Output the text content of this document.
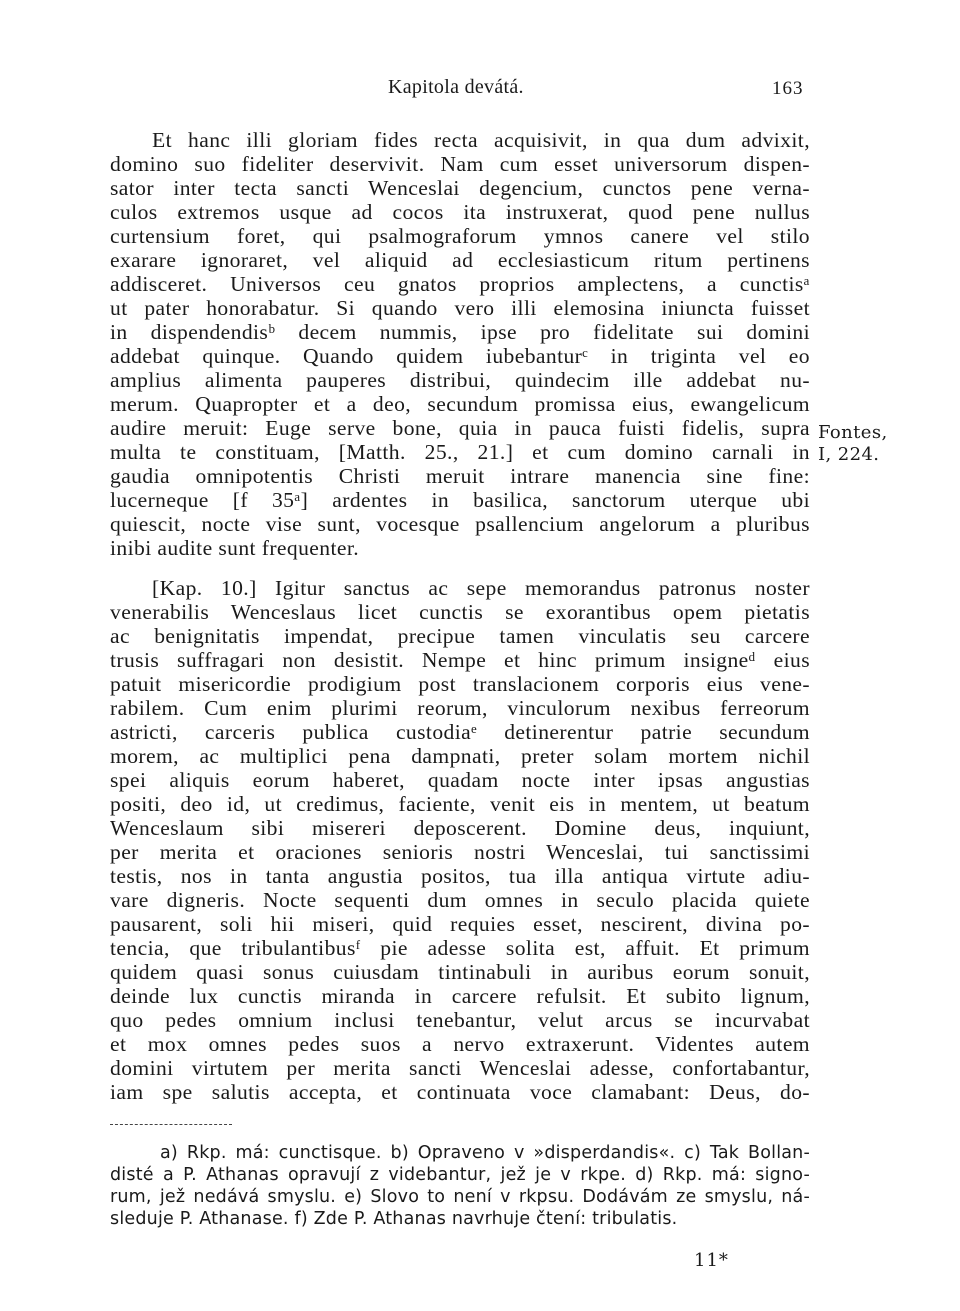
Kapitola devátá.	163
Et hanc illi gloriam fides recta acquisivit, in qua dum advixit,
domino suo fideliter deservivit. Nam cum esset universorum dispen-
sator inter tecta sancti Wenceslai degencium, cunctos pene verna-
culos extremos usque ad cocos ita instruxerat, quod pene nullus
curtensium foret, qui psalmograforum ymnos canere vel stilo
exarare ignoraret, vel aliquid ad ecclesiasticum ritum pertinens
addisceret. Universos ceu gnatos proprios amplectens, a cunctisᵃ
ut pater honorabatur. Si quando vero illi elemosina iniuncta fuisset
in dispendendisᵇ decem nummis, ipse pro fidelitate sui domini
addebat quinque. Quando quidem iubebanturᶜ in triginta vel eo
amplius alimenta pauperes distribui, quindecim ille addebat nu-
merum. Quapropter et a deo, secundum promissa eius, ewangelicum
audire meruit: Euge serve bone, quia in pauca fuisti fidelis, supra
multa te constituam, [Matth. 25., 21.] et cum domino carnali in
gaudia omnipotentis Christi meruit intrare manencia sine fine:
lucerneque [f 35ᵃ] ardentes in basilica, sanctorum uterque ubi
quiescit, nocte vise sunt, vocesque psallencium angelorum a pluribus
inibi audite sunt frequenter.
Fontes,
I, 224.
[Kap. 10.] Igitur sanctus ac sepe memorandus patronus noster
venerabilis Wenceslaus licet cunctis se exorantibus opem pietatis
ac benignitatis impendat, precipue tamen vinculatis seu carcere
trusis suffragari non desistit. Nempe et hinc primum insigneᵈ eius
patuit misericordie prodigium post translacionem corporis eius vene-
rabilem. Cum enim plurimi reorum, vinculorum nexibus ferreorum
astricti, carceris publica custodiaᵉ detinerentur patrie secundum
morem, ac multiplici pena dampnati, preter solam mortem nichil
spei aliquis eorum haberet, quadam nocte inter ipsas angustias
positi, deo id, ut credimus, faciente, venit eis in mentem, ut beatum
Wenceslaum sibi misereri deposcerent. Domine deus, inquiunt,
per merita et oraciones senioris nostri Wenceslai, tui sanctissimi
testis, nos in tanta angustia positos, tua illa antiqua virtute adiu-
vare digneris. Nocte sequenti dum omnes in seculo placida quiete
pausarent, soli hii miseri, quid requies esset, nescirent, divina po-
tencia, que tribulantibusᶠ pie adesse solita est, affuit. Et primum
quidem quasi sonus cuiusdam tintinabuli in auribus eorum sonuit,
deinde lux cunctis miranda in carcere refulsit. Et subito lignum,
quo pedes omnium inclusi tenebantur, velut arcus se incurvabat
et mox omnes pedes suos a nervo extraxerunt. Videntes autem
domini virtutem per merita sancti Wenceslai adesse, confortabantur,
iam spe salutis accepta, et continuata voce clamabant: Deus, do-
a) Rkp. má: cunctisque. b) Opraveno v »disperdandis«. c) Tak Bollan-
disté a P. Athanas opravují z videbantur, jež je v rkpe. d) Rkp. má: signo-
rum, jež nedává smyslu. e) Slovo to není v rkpsu. Dodávám ze smyslu, ná-
sleduje P. Athanase. f) Zde P. Athanas navrhuje čtení: tribulatis.
11*
